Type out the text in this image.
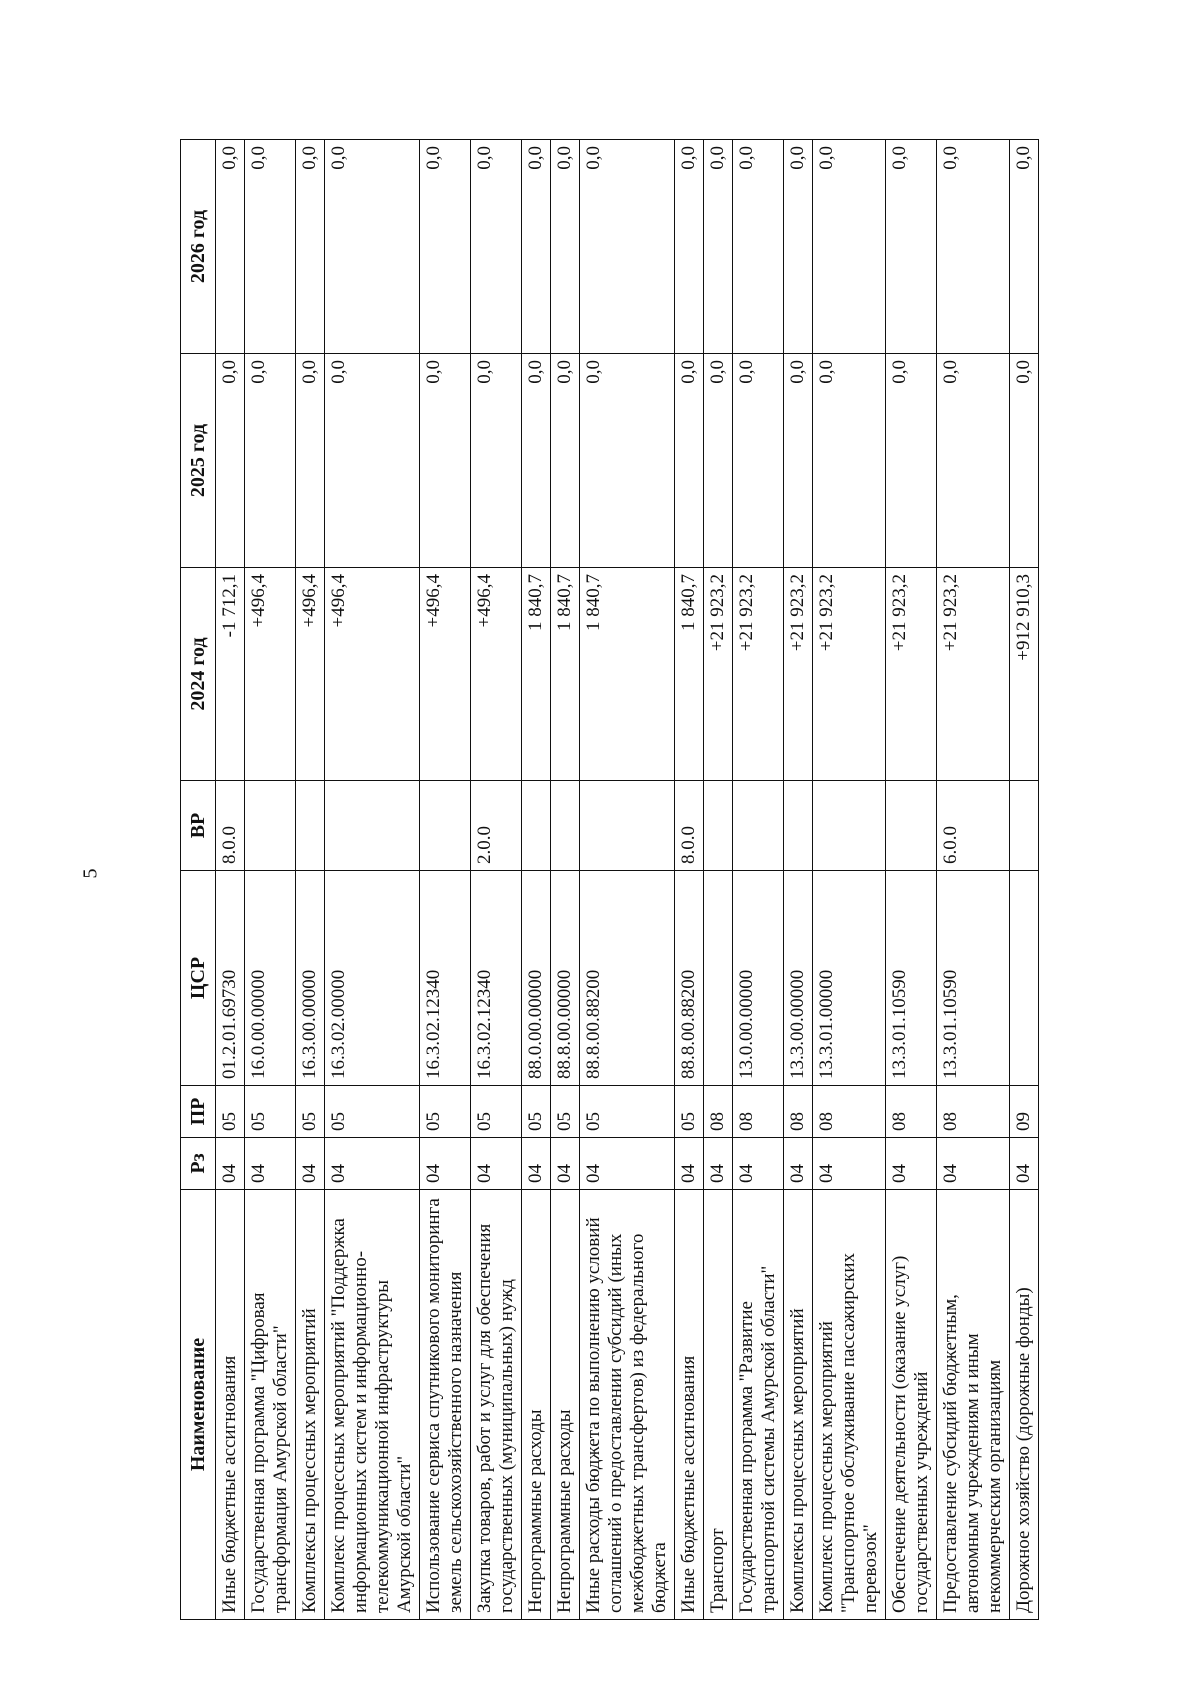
5
Наименование	Рз	ПР	ЦСР	ВР	2024 год	2025 год	2026 год
Иные бюджетные ассигнования	04	05	01.2.01.69730	8.0.0	-1 712,1	0,0	0,0
Государственная программа "Цифровая трансформация Амурской области"	04	05	16.0.00.00000		+496,4	0,0	0,0
Комплексы процессных мероприятий	04	05	16.3.00.00000		+496,4	0,0	0,0
Комплекс процессных мероприятий "Поддержка информационных систем и информационно-телекоммуникационной инфраструктуры Амурской области"	04	05	16.3.02.00000		+496,4	0,0	0,0
Использование сервиса спутникового мониторинга земель сельскохозяйственного назначения	04	05	16.3.02.12340		+496,4	0,0	0,0
Закупка товаров, работ и услуг для обеспечения государственных (муниципальных) нужд	04	05	16.3.02.12340	2.0.0	+496,4	0,0	0,0
Непрограммные расходы	04	05	88.0.00.00000		1 840,7	0,0	0,0
Непрограммные расходы	04	05	88.8.00.00000		1 840,7	0,0	0,0
Иные расходы бюджета по выполнению условий соглашений о предоставлении субсидий (иных межбюджетных трансфертов) из федерального бюджета	04	05	88.8.00.88200		1 840,7	0,0	0,0
Иные бюджетные ассигнования	04	05	88.8.00.88200	8.0.0	1 840,7	0,0	0,0
Транспорт	04	08			+21 923,2	0,0	0,0
Государственная программа "Развитие транспортной системы Амурской области"	04	08	13.0.00.00000		+21 923,2	0,0	0,0
Комплексы процессных мероприятий	04	08	13.3.00.00000		+21 923,2	0,0	0,0
Комплекс процессных мероприятий "Транспортное обслуживание пассажирских перевозок"	04	08	13.3.01.00000		+21 923,2	0,0	0,0
Обеспечение деятельности (оказание услуг) государственных учреждений	04	08	13.3.01.10590		+21 923,2	0,0	0,0
Предоставление субсидий бюджетным, автономным учреждениям и иным некоммерческим организациям	04	08	13.3.01.10590	6.0.0	+21 923,2	0,0	0,0
Дорожное хозяйство (дорожные фонды)	04	09			+912 910,3	0,0	0,0
